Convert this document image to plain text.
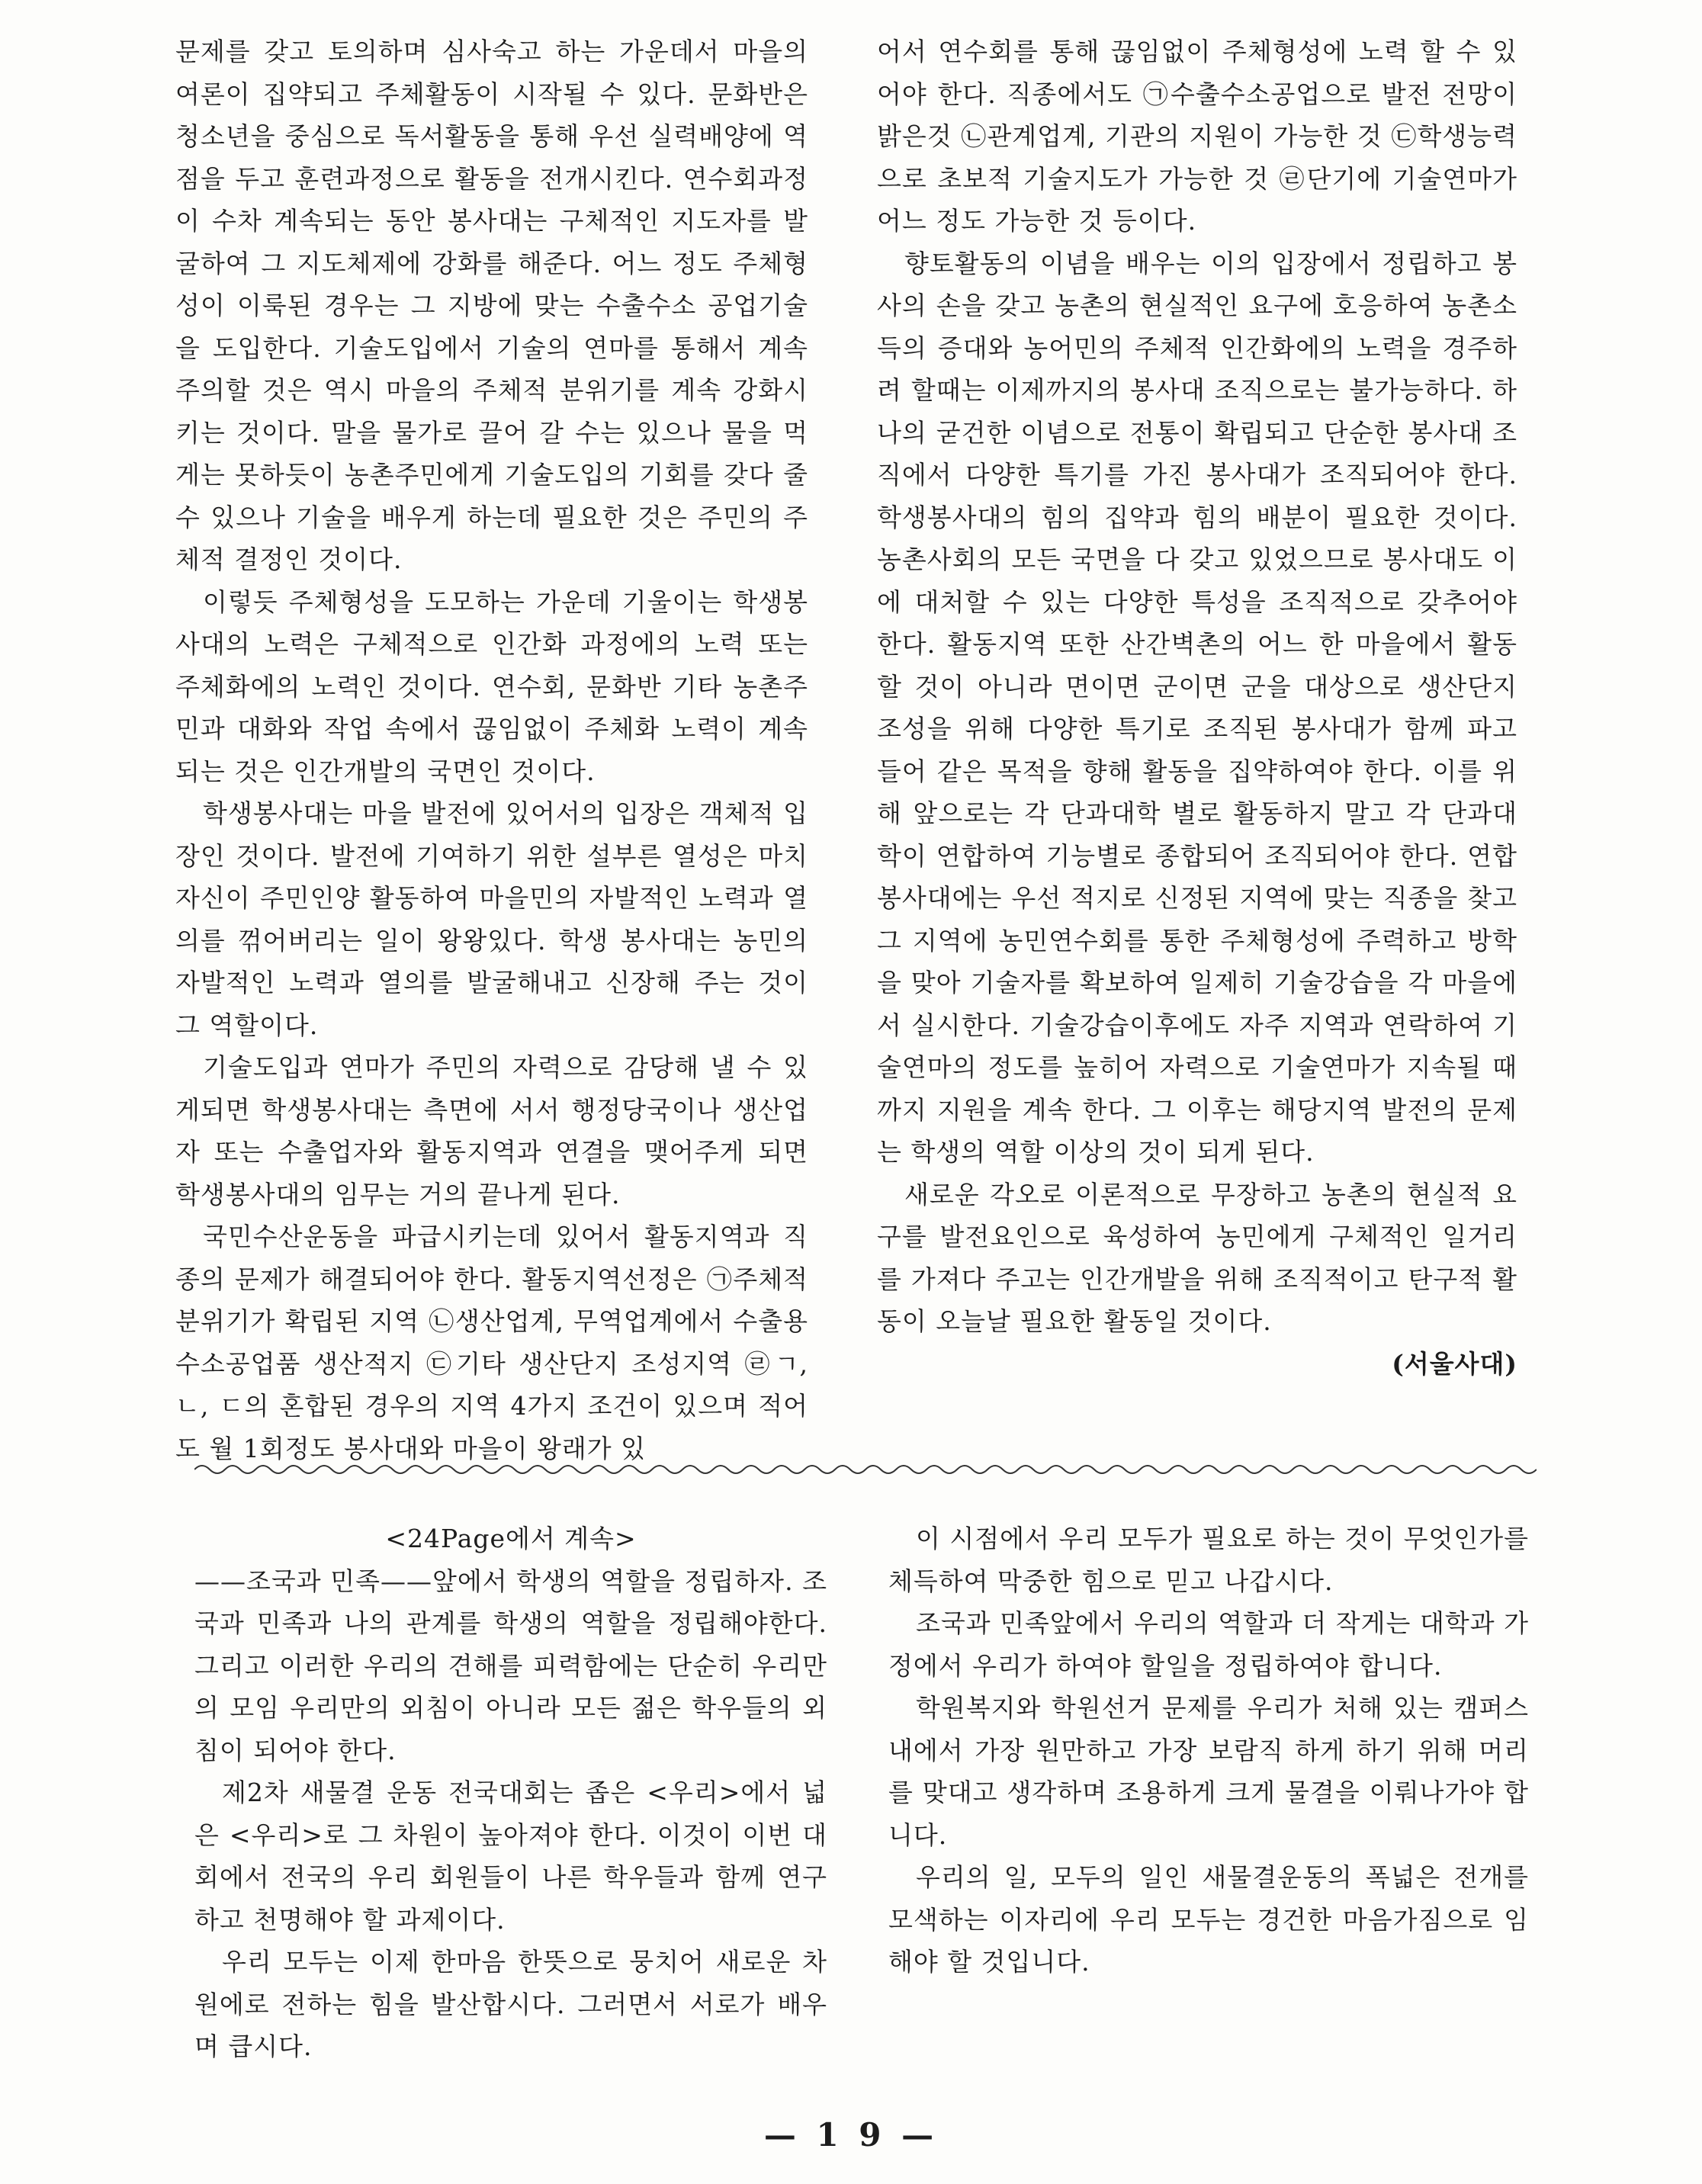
문제를 갖고 토의하며 심사숙고 하는 가운데서 마을의 여론이 집약되고 주체활동이 시작될 수 있다. 문화반은 청소년을 중심으로 독서활동을 통해 우선 실력배양에 역점을 두고 훈련과정으로 활동을 전개시킨다. 연수회과정이 수차 계속되는 동안 봉사대는 구체적인 지도자를 발굴하여 그 지도체제에 강화를 해준다. 어느 정도 주체형성이 이룩된 경우는 그 지방에 맞는 수출수소 공업기술을 도입한다. 기술도입에서 기술의 연마를 통해서 계속 주의할 것은 역시 마을의 주체적 분위기를 계속 강화시키는 것이다. 말을 물가로 끌어 갈 수는 있으나 물을 먹게는 못하듯이 농촌주민에게 기술도입의 기회를 갖다 줄 수 있으나 기술을 배우게 하는데 필요한 것은 주민의 주체적 결정인 것이다.

이렇듯 주체형성을 도모하는 가운데 기울이는 학생봉사대의 노력은 구체적으로 인간화 과정에의 노력 또는 주체화에의 노력인 것이다. 연수회, 문화반 기타 농촌주민과 대화와 작업 속에서 끊임없이 주체화 노력이 계속되는 것은 인간개발의 국면인 것이다.

학생봉사대는 마을 발전에 있어서의 입장은 객체적 입장인 것이다. 발전에 기여하기 위한 설부른 열성은 마치 자신이 주민인양 활동하여 마을민의 자발적인 노력과 열의를 꺾어버리는 일이 왕왕있다. 학생 봉사대는 농민의 자발적인 노력과 열의를 발굴해내고 신장해 주는 것이 그 역할이다.

기술도입과 연마가 주민의 자력으로 감당해 낼 수 있게되면 학생봉사대는 측면에 서서 행정당국이나 생산업자 또는 수출업자와 활동지역과 연결을 맺어주게 되면 학생봉사대의 임무는 거의 끝나게 된다.

국민수산운동을 파급시키는데 있어서 활동지역과 직종의 문제가 해결되어야 한다. 활동지역선정은 ㉠주체적 분위기가 확립된 지역 ㉡생산업계, 무역업계에서 수출용 수소공업품 생산적지 ㉢기타 생산단지 조성지역 ㉣ㄱ, ㄴ, ㄷ의 혼합된 경우의 지역 4가지 조건이 있으며 적어도 월 1회정도 봉사대와 마을이 왕래가 있

어서 연수회를 통해 끊임없이 주체형성에 노력 할 수 있어야 한다. 직종에서도 ㉠수출수소공업으로 발전 전망이 밝은것 ㉡관계업계, 기관의 지원이 가능한 것 ㉢학생능력으로 초보적 기술지도가 가능한 것 ㉣단기에 기술연마가 어느 정도 가능한 것 등이다.

향토활동의 이념을 배우는 이의 입장에서 정립하고 봉사의 손을 갖고 농촌의 현실적인 요구에 호응하여 농촌소득의 증대와 농어민의 주체적 인간화에의 노력을 경주하려 할때는 이제까지의 봉사대 조직으로는 불가능하다. 하나의 굳건한 이념으로 전통이 확립되고 단순한 봉사대 조직에서 다양한 특기를 가진 봉사대가 조직되어야 한다. 학생봉사대의 힘의 집약과 힘의 배분이 필요한 것이다. 농촌사회의 모든 국면을 다 갖고 있었으므로 봉사대도 이에 대처할 수 있는 다양한 특성을 조직적으로 갖추어야 한다. 활동지역 또한 산간벽촌의 어느 한 마을에서 활동할 것이 아니라 면이면 군이면 군을 대상으로 생산단지 조성을 위해 다양한 특기로 조직된 봉사대가 함께 파고 들어 같은 목적을 향해 활동을 집약하여야 한다. 이를 위해 앞으로는 각 단과대학 별로 활동하지 말고 각 단과대학이 연합하여 기능별로 종합되어 조직되어야 한다. 연합봉사대에는 우선 적지로 신정된 지역에 맞는 직종을 찾고 그 지역에 농민연수회를 통한 주체형성에 주력하고 방학을 맞아 기술자를 확보하여 일제히 기술강습을 각 마을에서 실시한다. 기술강습이후에도 자주 지역과 연락하여 기술연마의 정도를 높히어 자력으로 기술연마가 지속될 때 까지 지원을 계속 한다. 그 이후는 해당지역 발전의 문제는 학생의 역할 이상의 것이 되게 된다.

새로운 각오로 이론적으로 무장하고 농촌의 현실적 요구를 발전요인으로 육성하여 농민에게 구체적인 일거리를 가져다 주고는 인간개발을 위해 조직적이고 탄구적 활동이 오늘날 필요한 활동일 것이다.

(서울사대)

<24Page에서 계속>

——조국과 민족——앞에서 학생의 역할을 정립하자. 조국과 민족과 나의 관계를 학생의 역할을 정립해야한다. 그리고 이러한 우리의 견해를 피력함에는 단순히 우리만의 모임 우리만의 외침이 아니라 모든 젊은 학우들의 외침이 되어야 한다.

제2차 새물결 운동 전국대회는 좁은 <우리>에서 넓은 <우리>로 그 차원이 높아져야 한다. 이것이 이번 대회에서 전국의 우리 회원들이 나른 학우들과 함께 연구하고 천명해야 할 과제이다.

우리 모두는 이제 한마음 한뜻으로 뭉치어 새로운 차원에로 전하는 힘을 발산합시다. 그러면서 서로가 배우며 큽시다.

이 시점에서 우리 모두가 필요로 하는 것이 무엇인가를 체득하여 막중한 힘으로 믿고 나갑시다.

조국과 민족앞에서 우리의 역할과 더 작게는 대학과 가정에서 우리가 하여야 할일을 정립하여야 합니다.

학원복지와 학원선거 문제를 우리가 처해 있는 캠퍼스내에서 가장 원만하고 가장 보람직 하게 하기 위해 머리를 맞대고 생각하며 조용하게 크게 물결을 이뤄나가야 합니다.

우리의 일, 모두의 일인 새물결운동의 폭넓은 전개를 모색하는 이자리에 우리 모두는 경건한 마음가짐으로 임해야 할 것입니다.

— 1 9 —
